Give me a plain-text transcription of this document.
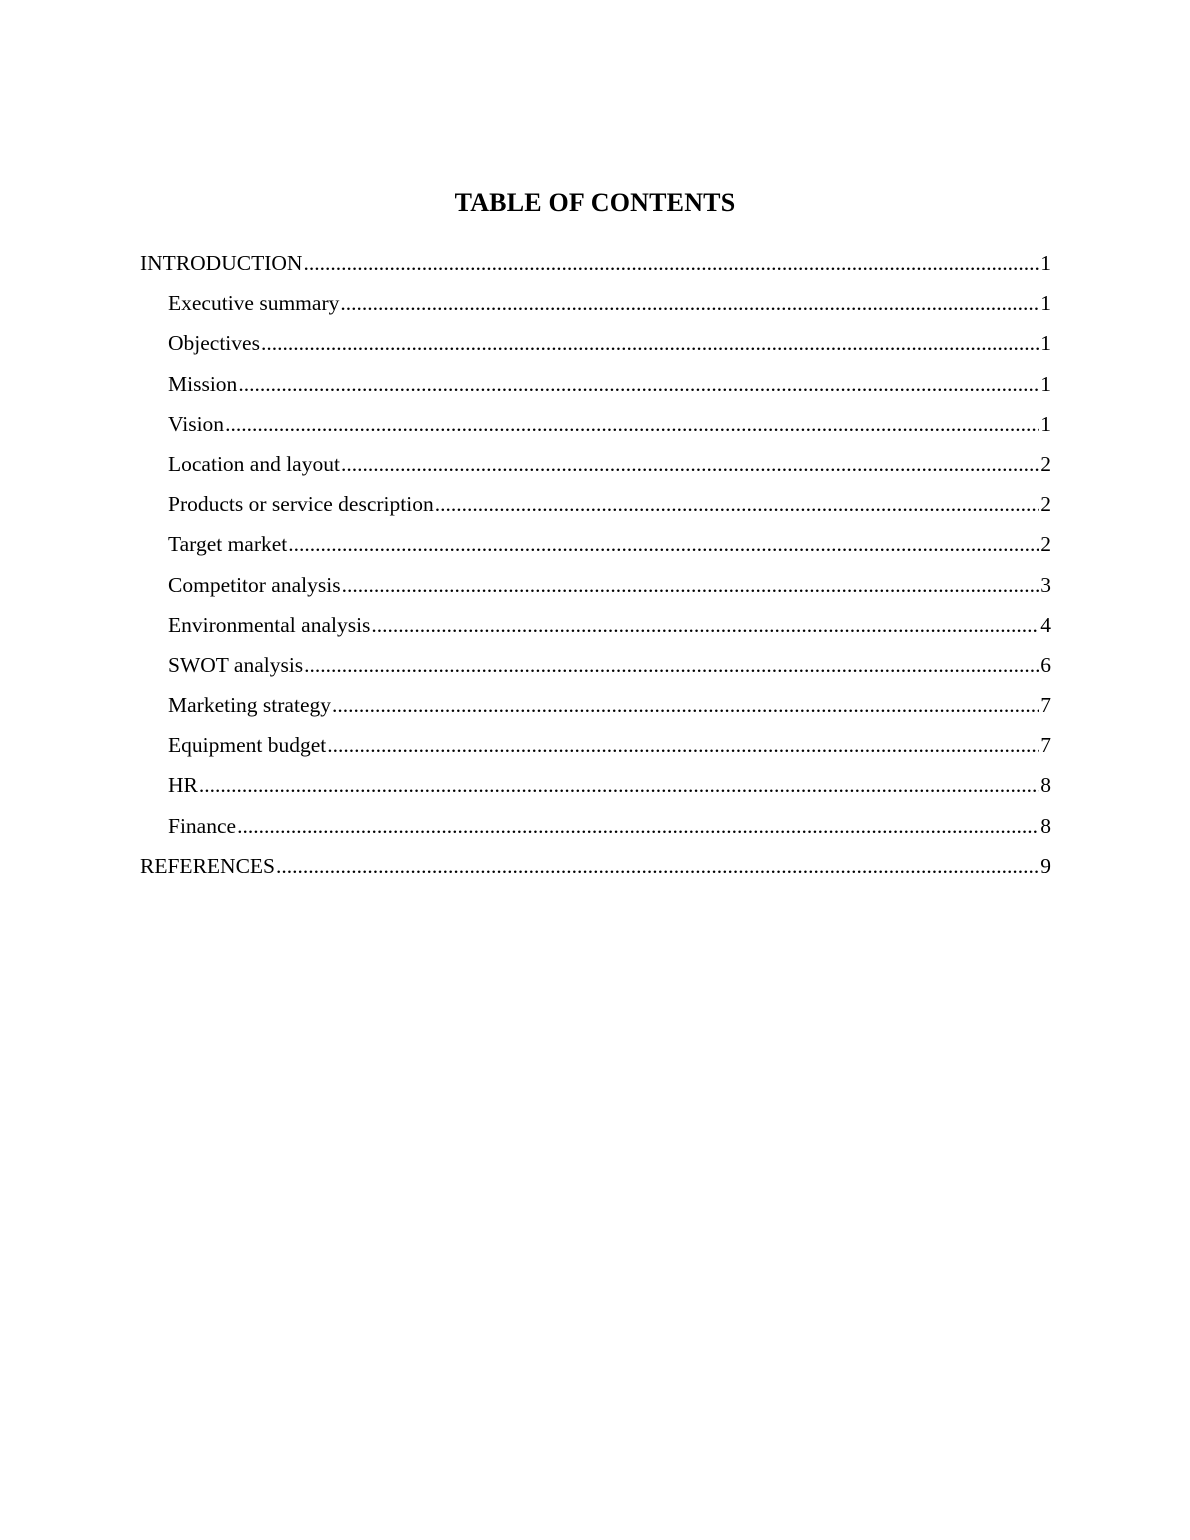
TABLE OF CONTENTS
INTRODUCTION .....	1
Executive summary .....	1
Objectives .....	1
Mission .....	1
Vision .....	1
Location and layout .....	2
Products or service description .....	2
Target market .....	2
Competitor analysis .....	3
Environmental analysis .....	4
SWOT analysis .....	6
Marketing strategy .....	7
Equipment budget .....	7
HR .....	8
Finance .....	8
REFERENCES .....	9
